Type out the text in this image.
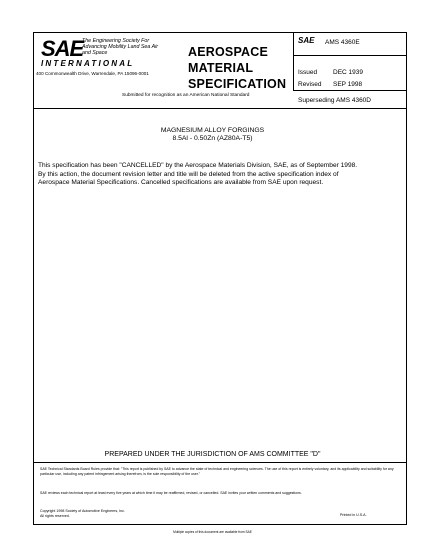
SAE
The Engineering Society For Advancing Mobility Land Sea Air and Space
INTERNATIONAL
400 Commonwealth Drive, Warrendale, PA 15096-0001
AEROSPACE MATERIAL SPECIFICATION
SAE AMS 4360E
Issued DEC 1939
Revised SEP 1998
Superseding AMS 4360D
Submitted for recognition as an American National Standard
MAGNESIUM ALLOY FORGINGS
8.5Al - 0.50Zn (AZ80A-T5)
This specification has been "CANCELLED" by the Aerospace Materials Division, SAE, as of September 1998. By this action, the document revision letter and title will be deleted from the active specification index of Aerospace Material Specifications. Cancelled specifications are available from SAE upon request.
PREPARED UNDER THE JURISDICTION OF AMS COMMITTEE "D"
SAE Technical Standards Board Rules provide that: "This report is published by SAE to advance the state of technical and engineering sciences. The use of this report is entirely voluntary, and its applicability and suitability for any particular use, including any patent infringement arising therefrom, is the sole responsibility of the user."
SAE reviews each technical report at least every five years at which time it may be reaffirmed, revised, or cancelled. SAE invites your written comments and suggestions.
Copyright 1998 Society of Automotive Engineers, Inc.
All rights reserved.	Printed in U.S.A.
Multiple copies of this document are available from SAE
